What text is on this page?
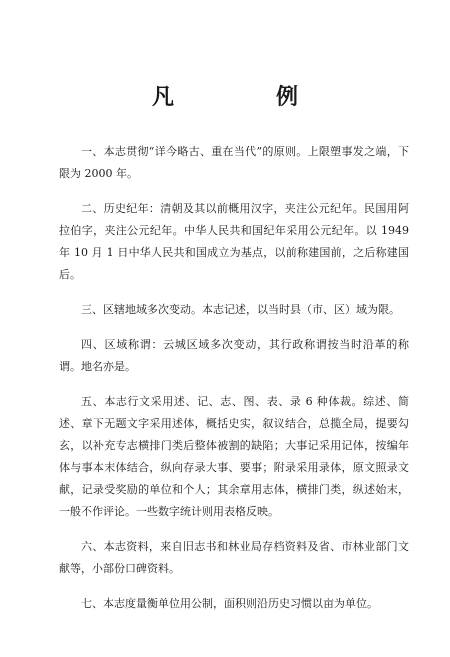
凡　例

一、本志贯彻“详今略古、重在当代”的原则。上限塑事发之端，下限为 2000 年。

二、历史纪年：清朝及其以前概用汉字，夹注公元纪年。民国用阿拉伯字，夹注公元纪年。中华人民共和国纪年采用公元纪年。以 1949 年 10 月 1 日中华人民共和国成立为基点，以前称建国前，之后称建国后。

三、区辖地域多次变动。本志记述，以当时县（市、区）域为限。

四、区域称谓：云城区域多次变动，其行政称谓按当时沿革的称谓。地名亦是。

五、本志行文采用述、记、志、图、表、录 6 种体裁。综述、简述、章下无题文字采用述体，概括史实，叙议结合，总揽全局，提要勾玄，以补充专志横排门类后整体被割的缺陷；大事记采用记体，按编年体与事本末体结合，纵向存录大事、要事；附录采用录体，原文照录文献，记录受奖励的单位和个人；其余章用志体，横排门类，纵述始末，一般不作评论。一些数字统计则用表格反映。

六、本志资料，来自旧志书和林业局存档资料及省、市林业部门文献等，小部份口碑资料。

七、本志度量衡单位用公制，面积则沿历史习惯以亩为单位。
